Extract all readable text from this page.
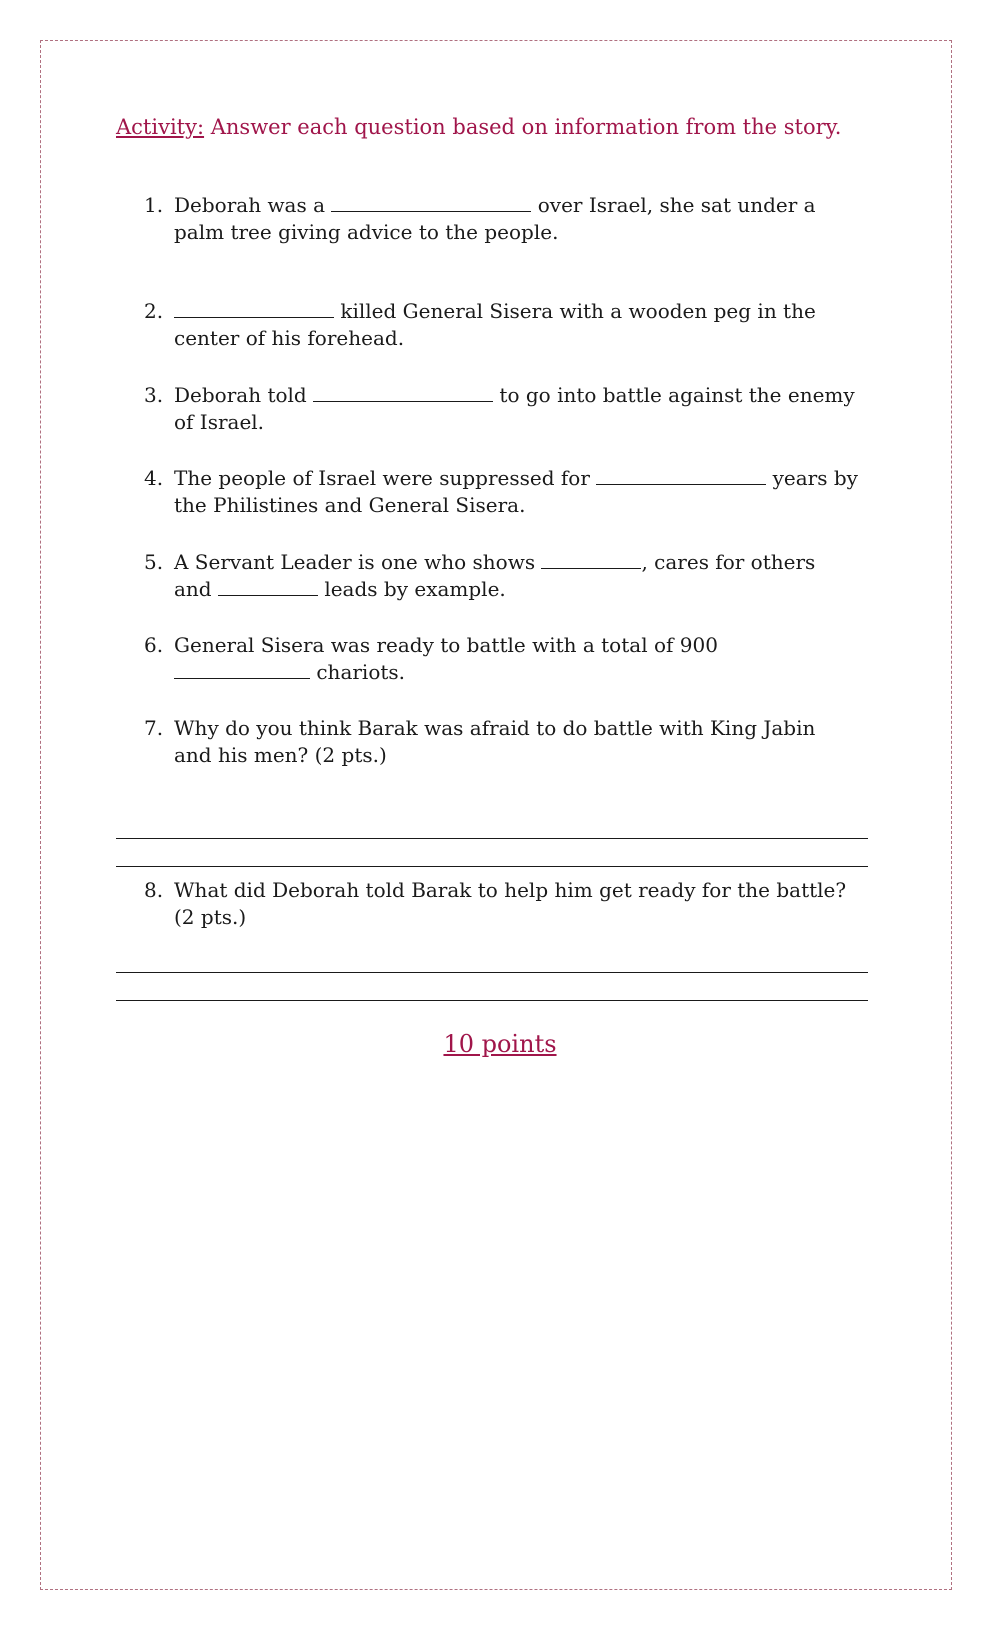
Activity: Answer each question based on information from the story.
1. Deborah was a	over Israel, she sat under a
palm tree giving advice to the people.
2.	killed General Sisera with a wooden peg in the
center of his forehead.
3. Deborah told	to go into battle against the enemy
of Israel.
4. The people of Israel were suppressed for	years by
the Philistines and General Sisera.
5. A Servant Leader is one who shows	, cares for others
and	leads by example.
6. General Sisera was ready to battle with a total of 900
chariots.
7. Why do you think Barak was afraid to do battle with King Jabin
and his men? (2 pts.)
8. What did Deborah told Barak to help him get ready for the battle?
(2 pts.)
10 points
